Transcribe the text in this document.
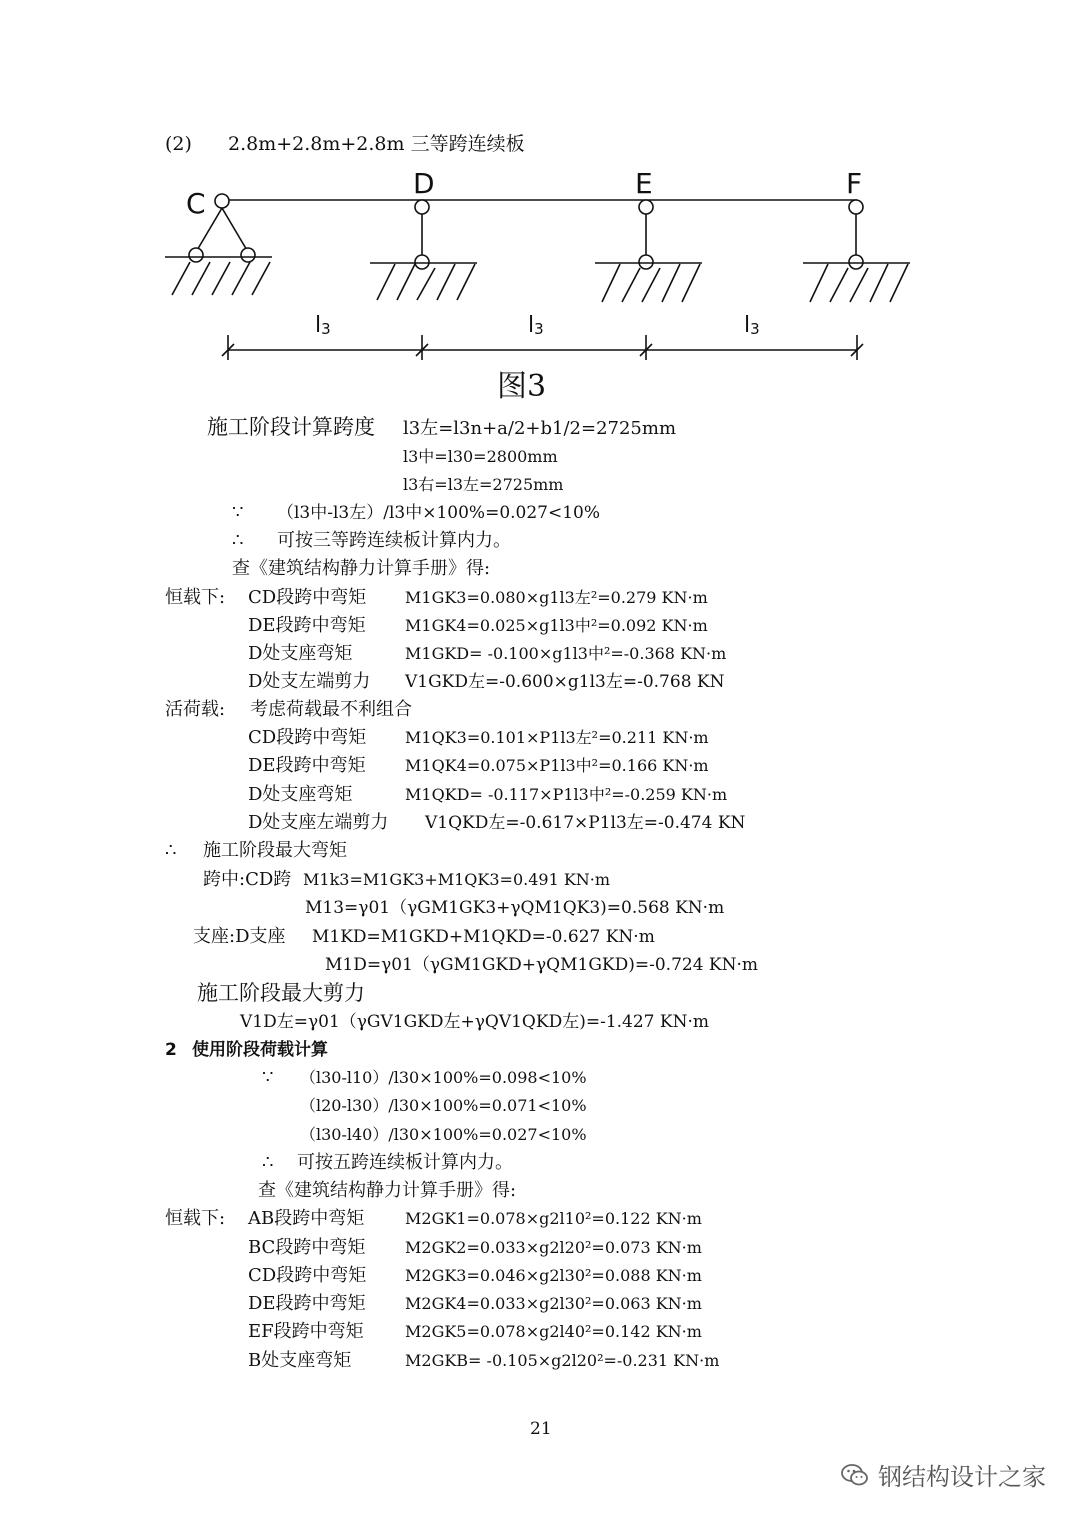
(2) 2.8m+2.8m+2.8m 三等跨连续板
C
D	E	F
l3	l3	l3
图3
施工阶段计算跨度 l3左=l3n+a/2+b1/2=2725mm
l3中=l30=2800mm
l3右=l3左=2725mm
∵ （l3中-l3左）/l3中×100%=0.027<10%
∴ 可按三等跨连续板计算内力。
查《建筑结构静力计算手册》得:
恒载下: CD段跨中弯矩 M1GK3=0.080×g1l3左²=0.279 KN·m
DE段跨中弯矩 M1GK4=0.025×g1l3中²=0.092 KN·m
D处支座弯矩	M1GKD= -0.100×g1l3中²=-0.368 KN·m
D处支左端剪力 V1GKD左=-0.600×g1l3左=-0.768 KN
活荷载: 考虑荷载最不利组合
CD段跨中弯矩 M1QK3=0.101×P1l3左²=0.211 KN·m
DE段跨中弯矩 M1QK4=0.075×P1l3中²=0.166 KN·m
D处支座弯矩	M1QKD= -0.117×P1l3中²=-0.259 KN·m
D处支座左端剪力 V1QKD左=-0.617×P1l3左=-0.474 KN
∴ 施工阶段最大弯矩
跨中:CD跨 M1k3=M1GK3+M1QK3=0.491 KN·m
M13=γ01（γGM1GK3+γQM1QK3)=0.568 KN·m
支座:D支座 M1KD=M1GKD+M1QKD=-0.627 KN·m
M1D=γ01（γGM1GKD+γQM1GKD)=-0.724 KN·m
施工阶段最大剪力
V1D左=γ01（γGV1GKD左+γQV1QKD左)=-1.427 KN·m
2 使用阶段荷载计算
∵ （l30-l10）/l30×100%=0.098<10%
（l20-l30）/l30×100%=0.071<10%
（l30-l40）/l30×100%=0.027<10%
∴ 可按五跨连续板计算内力。
查《建筑结构静力计算手册》得:
恒载下: AB段跨中弯矩	M2GK1=0.078×g2l10²=0.122 KN·m
BC段跨中弯矩 M2GK2=0.033×g2l20²=0.073 KN·m
CD段跨中弯矩 M2GK3=0.046×g2l30²=0.088 KN·m
DE段跨中弯矩 M2GK4=0.033×g2l30²=0.063 KN·m
EF段跨中弯矩	M2GK5=0.078×g2l40²=0.142 KN·m
B处支座弯矩	M2GKB= -0.105×g2l20²=-0.231 KN·m
21
钢结构设计之家
